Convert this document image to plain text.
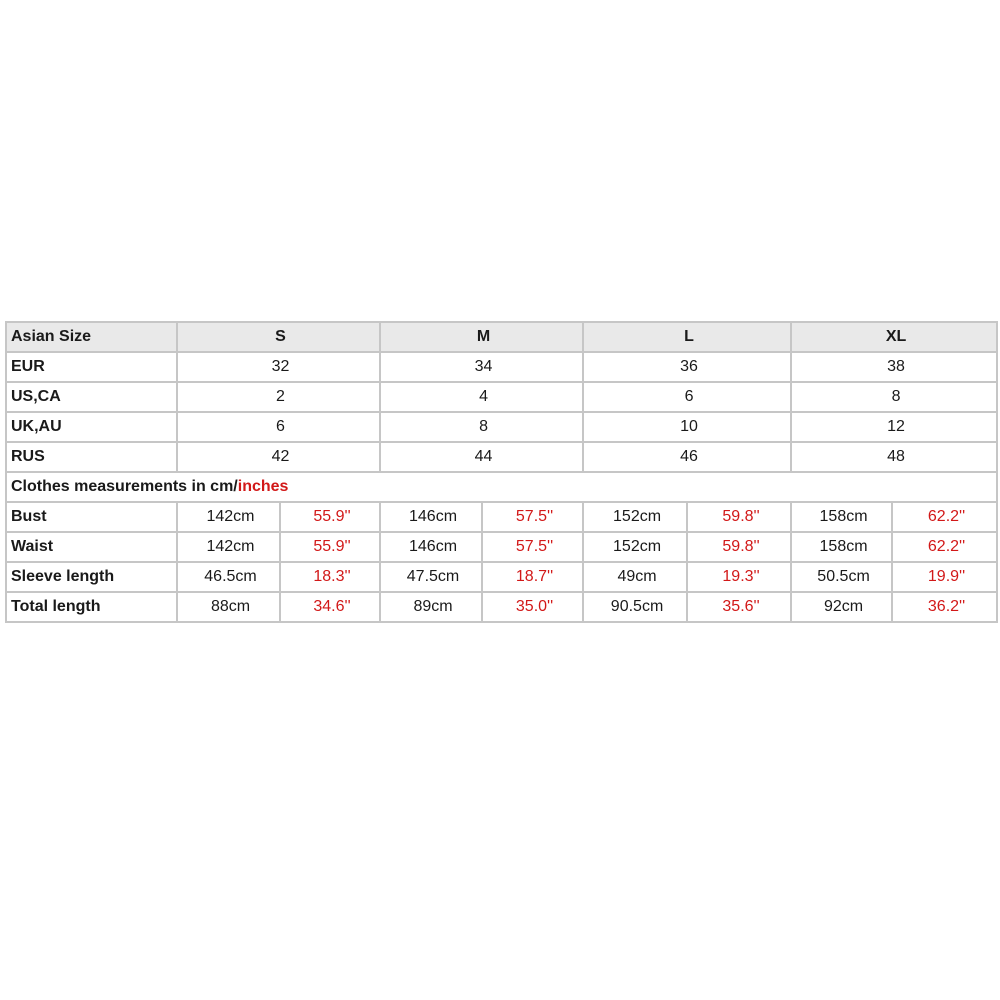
Asian Size	S		M		L		XL	
EUR	32		34		36		38	
US,CA	2		4		6		8	
UK,AU	6		8		10		12	
RUS	42		44		46		48	
Clothes measurements in cm/inches								
Bust	142cm	55.9''	146cm	57.5''	152cm	59.8''	158cm	62.2''
Waist	142cm	55.9''	146cm	57.5''	152cm	59.8''	158cm	62.2''
Sleeve length	46.5cm	18.3''	47.5cm	18.7''	49cm	19.3''	50.5cm	19.9''
Total length	88cm	34.6''	89cm	35.0''	90.5cm	35.6''	92cm	36.2''
